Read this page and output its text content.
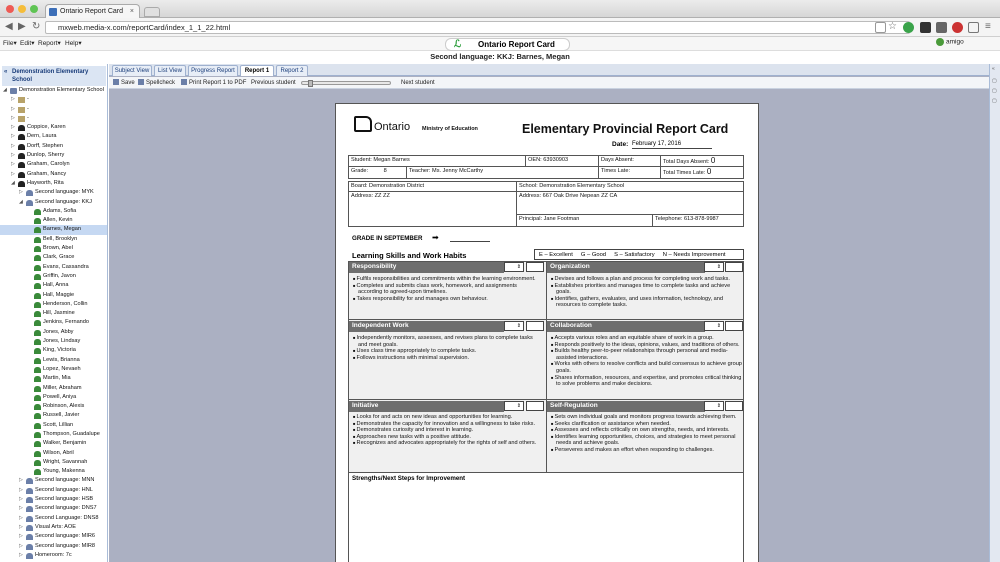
Ontario Report Card ×
◀ ▶ ↻	mxweb.media-x.com/reportCard/index_1_1_22.html	☆	≡
File▾ Edit▾ Report▾ Help▾	ℒ	Ontario Report Card	amigo
Second language: KKJ: Barnes, Megan
« Demonstration Elementary School
◢ Demonstration Elementary School
▷ -
▷ -
▷ -
▷ Coppice, Karen
▷ Dern, Laura
▷ Dorff, Stephen
▷ Dunlop, Sherry
▷ Graham, Carolyn
▷ Graham, Nancy
◢ Hayworth, Rita
▷ Second language: MYK
◢ Second language: KKJ
Adams, Sofia
Allen, Kevin
Barnes, Megan
Bell, Brooklyn
Brown, Abel
Clark, Grace
Evans, Cassandra
Griffin, Javon
Hall, Anna
Hall, Maggie
Henderson, Collin
Hill, Jasmine
Jenkins, Fernando
Jones, Abby
Jones, Lindsay
King, Victoria
Lewis, Brianna
Lopez, Nevaeh
Martin, Mia
Miller, Abraham
Powell, Aniya
Robinson, Alexis
Russell, Javier
Scott, Lillian
Thompson, Guadalupe
Walker, Benjamin
Wilson, Abril
Wright, Savannah
Young, Makenna
▷ Second language: MNN
▷ Second language: HNL
▷ Second language: HSB
▷ Second language: DNS7
▷ Second Language: DNS8
▷ Visual Arts: AOE
▷ Second language: MIR6
▷ Second language: MIR8
▷ Homeroom: 7c
Subject View	List View	Progress Report	Report 1	Report 2
Save	Spellcheck	Print Report 1 to PDF Previous student	Next student
«
▢
▢
▢
Ontario Ministry of Education	Elementary Provincial Report Card
Date: February 17, 2016
Student: Megan Barnes	OEN: 63930903	Days Absent:	Total Days Absent: 0
Grade:	8	Teacher: Ms. Jenny McCarthy	Times Late:	Total Times Late: 0
Board: Demonstration District	School: Demonstration Elementary School
Address: ZZ ZZ	Address: 667 Oak Drive Nepean ZZ CA
Principal: Jane Footman	Telephone: 613-878-9987
GRADE IN SEPTEMBER ➡
Learning Skills and Work Habits	E – Excellent     G – Good     S – Satisfactory     N – Needs Improvement
Responsibility	⇕
■ Fulfils responsibilities and commitments within the learning environment.
■ Completes and submits class work, homework, and assignments according to agreed-upon timelines.
■ Takes responsibility for and manages own behaviour.
Organization	⇕
■ Devises and follows a plan and process for completing work and tasks.
■ Establishes priorities and manages time to complete tasks and achieve goals.
■ Identifies, gathers, evaluates, and uses information, technology, and resources to complete tasks.
Independent Work	⇕
■ Independently monitors, assesses, and revises plans to complete tasks and meet goals.
■ Uses class time appropriately to complete tasks.
■ Follows instructions with minimal supervision.
Collaboration	⇕
■ Accepts various roles and an equitable share of work in a group.
■ Responds positively to the ideas, opinions, values, and traditions of others.
■ Builds healthy peer-to-peer relationships through personal and media-assisted interactions.
■ Works with others to resolve conflicts and build consensus to achieve group goals.
■ Shares information, resources, and expertise, and promotes critical thinking to solve problems and make decisions.
Initiative	⇕
■ Looks for and acts on new ideas and opportunities for learning.
■ Demonstrates the capacity for innovation and a willingness to take risks.
■ Demonstrates curiosity and interest in learning.
■ Approaches new tasks with a positive attitude.
■ Recognizes and advocates appropriately for the rights of self and others.
Self-Regulation	⇕
■ Sets own individual goals and monitors progress towards achieving them.
■ Seeks clarification or assistance when needed.
■ Assesses and reflects critically on own strengths, needs, and interests.
■ Identifies learning opportunities, choices, and strategies to meet personal needs and achieve goals.
■ Perseveres and makes an effort when responding to challenges.
Strengths/Next Steps for Improvement
